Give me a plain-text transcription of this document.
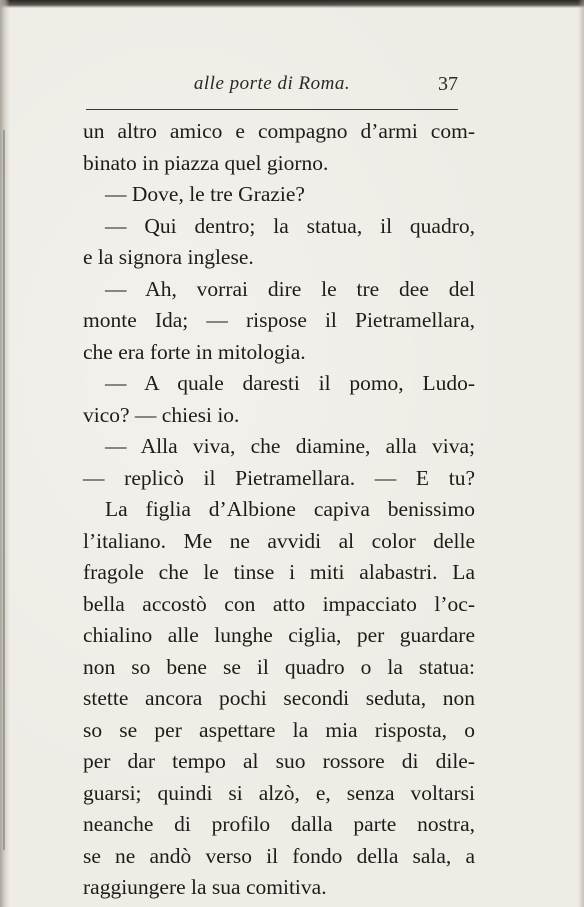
alle porte di Roma.	37
un altro amico e compagno d’armi com-
binato in piazza quel giorno.
— Dove, le tre Grazie?
— Qui dentro; la statua, il quadro,
e la signora inglese.
— Ah, vorrai dire le tre dee del
monte Ida; — rispose il Pietramellara,
che era forte in mitologia.
— A quale daresti il pomo, Ludo-
vico? — chiesi io.
— Alla viva, che diamine, alla viva;
— replicò il Pietramellara. — E tu?
La figlia d’Albione capiva benissimo
l’italiano. Me ne avvidi al color delle
fragole che le tinse i miti alabastri. La
bella accostò con atto impacciato l’oc-
chialino alle lunghe ciglia, per guardare
non so bene se il quadro o la statua:
stette ancora pochi secondi seduta, non
so se per aspettare la mia risposta, o
per dar tempo al suo rossore di dile-
guarsi; quindi si alzò, e, senza voltarsi
neanche di profilo dalla parte nostra,
se ne andò verso il fondo della sala, a
raggiungere la sua comitiva.
